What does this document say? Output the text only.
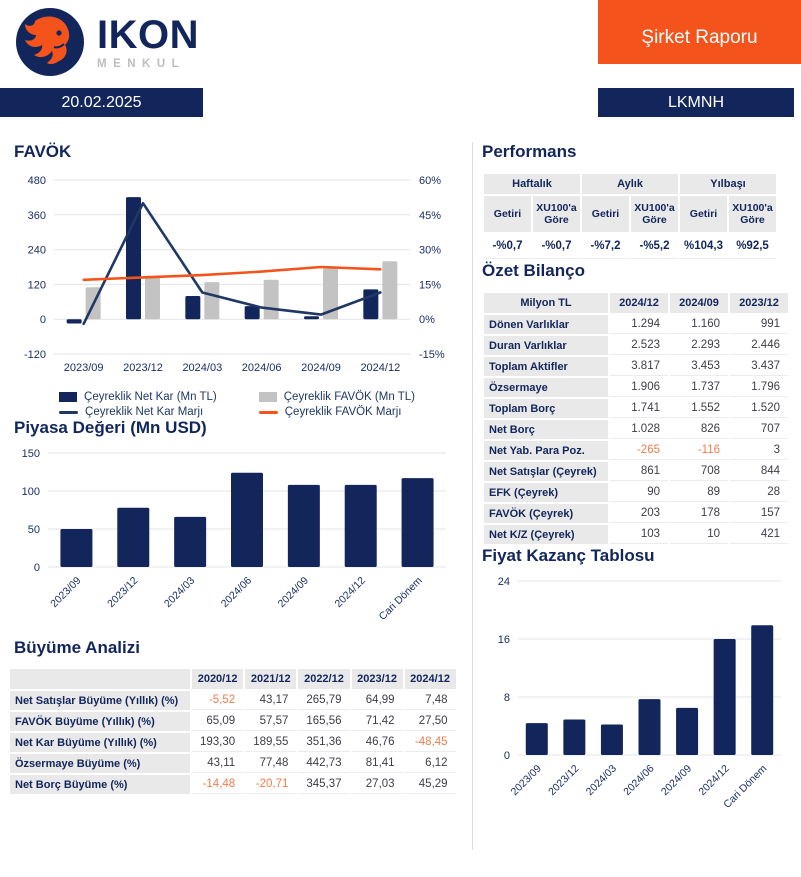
IKON
MENKUL
Şirket Raporu
20.02.2025	LKMNH
FAVÖK
480	60%
360	45%
240	30%
120	15%
0	0%
-120	-15%
2023/09 2023/12 2024/03 2024/06 2024/09 2024/12
Çeyreklik Net Kar (Mn TL)	Çeyreklik FAVÖK (Mn TL)
Çeyreklik Net Kar Marjı	Çeyreklik FAVÖK Marjı
Piyasa Değeri (Mn USD)
150
100
50
0
2023/09 2023/12 2024/03 2024/06 2024/09 2024/12 Cari Dönem
Büyüme Analizi
	2020/12	2021/12	2022/12	2023/12	2024/12
Net Satışlar Büyüme (Yıllık) (%)	-5,52	43,17	265,79	64,99	7,48
FAVÖK Büyüme (Yıllık) (%)	65,09	57,57	165,56	71,42	27,50
Net Kar Büyüme (Yıllık) (%)	193,30	189,55	351,36	46,76	-48,45
Özsermaye Büyüme (%)	43,11	77,48	442,73	81,41	6,12
Net Borç Büyüme (%)	-14,48	-20,71	345,37	27,03	45,29
Performans
Haftalık		Aylık		Yılbaşı	
Getiri	XU100'a Göre	Getiri	XU100'a Göre	Getiri	XU100'a Göre
-%0,7	-%0,7	-%7,2	-%5,2	%104,3	%92,5
Özet Bilanço
Milyon TL	2024/12	2024/09	2023/12
Dönen Varlıklar	1.294	1.160	991
Duran Varlıklar	2.523	2.293	2.446
Toplam Aktifler	3.817	3.453	3.437
Özsermaye	1.906	1.737	1.796
Toplam Borç	1.741	1.552	1.520
Net Borç	1.028	826	707
Net Yab. Para Poz.	-265	-116	3
Net Satışlar (Çeyrek)	861	708	844
EFK (Çeyrek)	90	89	28
FAVÖK (Çeyrek)	203	178	157
Net K/Z (Çeyrek)	103	10	421
Fiyat Kazanç Tablosu
24
16
8
0
2023/09 2023/12 2024/03 2024/06 2024/09 2024/12
Cari Dönem
